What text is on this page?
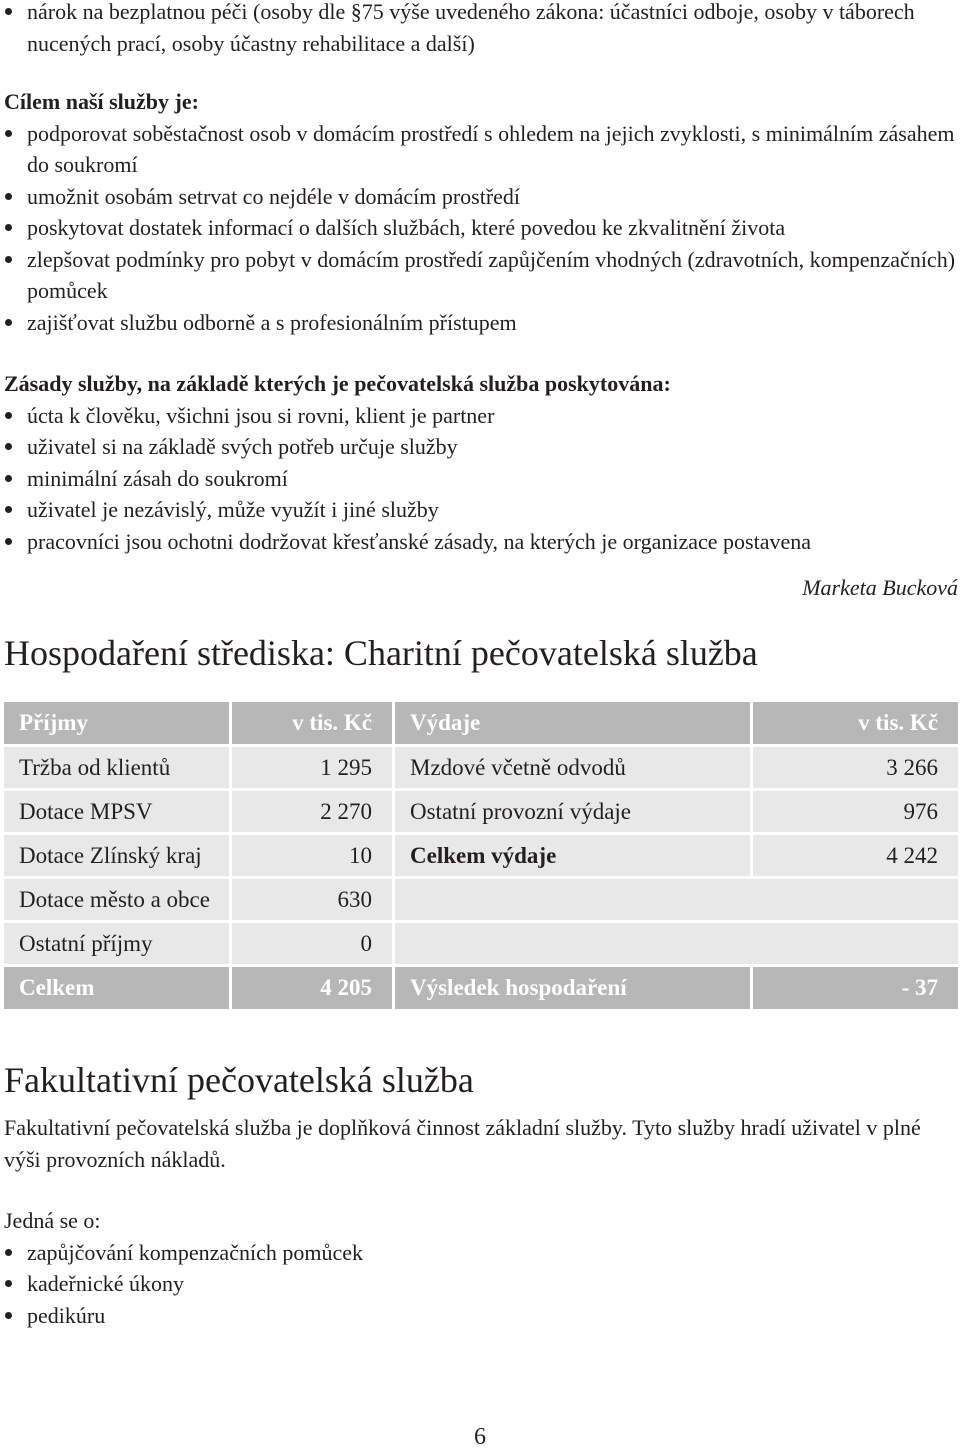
nárok na bezplatnou péči (osoby dle §75 výše uvedeného zákona: účastníci odboje, osoby v táborech nucených prací, osoby účastny rehabilitace a další)
Cílem naší služby je:
podporovat soběstačnost osob v domácím prostředí s ohledem na jejich zvyklosti, s minimálním zásahem do soukromí
umožnit osobám setrvat co nejdéle v domácím prostředí
poskytovat dostatek informací o dalších službách, které povedou ke zkvalitnění života
zlepšovat podmínky pro pobyt v domácím prostředí zapůjčením vhodných (zdravotních, kompenzačních) pomůcek
zajišťovat službu odborně a s profesionálním přístupem
Zásady služby, na základě kterých je pečovatelská služba poskytována:
úcta k člověku, všichni jsou si rovni, klient je partner
uživatel si na základě svých potřeb určuje služby
minimální zásah do soukromí
uživatel je nezávislý, může využít i jiné služby
pracovníci jsou ochotni dodržovat křesťanské zásady, na kterých je organizace postavena
Marketa Bucková
Hospodaření střediska: Charitní pečovatelská služba
Příjmy	v tis. Kč	Výdaje	v tis. Kč
Tržba od klientů	1 295	Mzdové včetně odvodů	3 266
Dotace MPSV	2 270	Ostatní provozní výdaje	976
Dotace Zlínský kraj	10	Celkem výdaje	4 242
Dotace město a obce	630		
Ostatní příjmy	0		
Celkem	4 205	Výsledek hospodaření	- 37
Fakultativní pečovatelská služba
Fakultativní pečovatelská služba je doplňková činnost základní služby. Tyto služby hradí uživatel v plné výši provozních nákladů.
Jedná se o:
zapůjčování kompenzačních pomůcek
kadeřnické úkony
pedikúru
6
